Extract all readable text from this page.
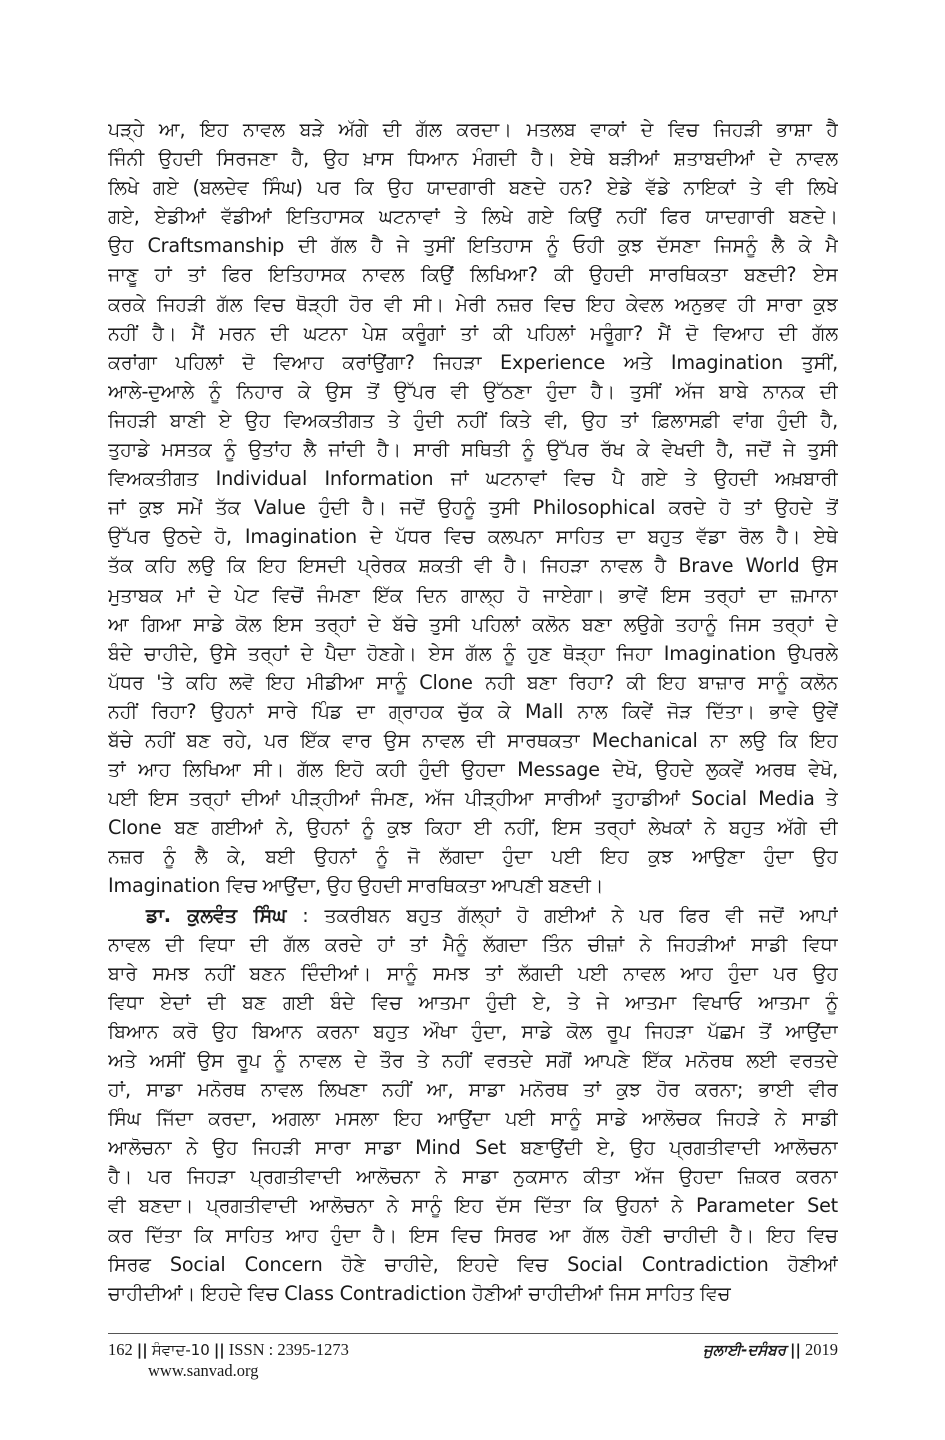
ਪੜ੍ਹੇ ਆ, ਇਹ ਨਾਵਲ ਬੜੇ ਅੱਗੇ ਦੀ ਗੱਲ ਕਰਦਾ। ਮਤਲਬ ਵਾਕਾਂ ਦੇ ਵਿਚ ਜਿਹੜੀ ਭਾਸ਼ਾ ਹੈ
ਜਿੰਨੀ ਉਹਦੀ ਸਿਰਜਣਾ ਹੈ, ਉਹ ਖ਼ਾਸ ਧਿਆਨ ਮੰਗਦੀ ਹੈ। ਏਥੇ ਬੜੀਆਂ ਸ਼ਤਾਬਦੀਆਂ ਦੇ ਨਾਵਲ
ਲਿਖੇ ਗਏ (ਬਲਦੇਵ ਸਿੰਘ) ਪਰ ਕਿ ਉਹ ਯਾਦਗਾਰੀ ਬਣਦੇ ਹਨ? ਏਡੇ ਵੱਡੇ ਨਾਇਕਾਂ ਤੇ ਵੀ ਲਿਖੇ
ਗਏ, ਏਡੀਆਂ ਵੱਡੀਆਂ ਇਤਿਹਾਸਕ ਘਟਨਾਵਾਂ ਤੇ ਲਿਖੇ ਗਏ ਕਿਉਂ ਨਹੀਂ ਫਿਰ ਯਾਦਗਾਰੀ ਬਣਦੇ।
ਉਹ Craftsmanship ਦੀ ਗੱਲ ਹੈ ਜੇ ਤੁਸੀਂ ਇਤਿਹਾਸ ਨੂੰ ਓਹੀ ਕੁਝ ਦੱਸਣਾ ਜਿਸਨੂੰ ਲੈ ਕੇ ਮੈ
ਜਾਣੂ ਹਾਂ ਤਾਂ ਫਿਰ ਇਤਿਹਾਸਕ ਨਾਵਲ ਕਿਉਂ ਲਿਖਿਆ? ਕੀ ਉਹਦੀ ਸਾਰਥਿਕਤਾ ਬਣਦੀ? ਏਸ
ਕਰਕੇ ਜਿਹੜੀ ਗੱਲ ਵਿਚ ਥੋੜ੍ਹੀ ਹੋਰ ਵੀ ਸੀ। ਮੇਰੀ ਨਜ਼ਰ ਵਿਚ ਇਹ ਕੇਵਲ ਅਨੁਭਵ ਹੀ ਸਾਰਾ ਕੁਝ
ਨਹੀਂ ਹੈ। ਮੈਂ ਮਰਨ ਦੀ ਘਟਨਾ ਪੇਸ਼ ਕਰੂੰਗਾਂ ਤਾਂ ਕੀ ਪਹਿਲਾਂ ਮਰੂੰਗਾ? ਮੈਂ ਦੋ ਵਿਆਹ ਦੀ ਗੱਲ
ਕਰਾਂਗਾ ਪਹਿਲਾਂ ਦੋ ਵਿਆਹ ਕਰਾਂਉਂਗਾ? ਜਿਹੜਾ Experience ਅਤੇ Imagination ਤੁਸੀਂ,
ਆਲੇ-ਦੁਆਲੇ ਨੂੰ ਨਿਹਾਰ ਕੇ ਉਸ ਤੋਂ ਉੱਪਰ ਵੀ ਉੱਠਣਾ ਹੁੰਦਾ ਹੈ। ਤੁਸੀਂ ਅੱਜ ਬਾਬੇ ਨਾਨਕ ਦੀ
ਜਿਹੜੀ ਬਾਣੀ ਏ ਉਹ ਵਿਅਕਤੀਗਤ ਤੇ ਹੁੰਦੀ ਨਹੀਂ ਕਿਤੇ ਵੀ, ਉਹ ਤਾਂ ਫ਼ਿਲਾਸਫ਼ੀ ਵਾਂਗ ਹੁੰਦੀ ਹੈ,
ਤੁਹਾਡੇ ਮਸਤਕ ਨੂੰ ਉਤਾਂਹ ਲੈ ਜਾਂਦੀ ਹੈ। ਸਾਰੀ ਸਥਿਤੀ ਨੂੰ ਉੱਪਰ ਰੱਖ ਕੇ ਵੇਖਦੀ ਹੈ, ਜਦੋਂ ਜੇ ਤੁਸੀ
ਵਿਅਕਤੀਗਤ Individual Information ਜਾਂ ਘਟਨਾਵਾਂ ਵਿਚ ਪੈ ਗਏ ਤੇ ਉਹਦੀ ਅਖ਼ਬਾਰੀ
ਜਾਂ ਕੁਝ ਸਮੇਂ ਤੱਕ Value ਹੁੰਦੀ ਹੈ। ਜਦੋਂ ਉਹਨੂੰ ਤੁਸੀ Philosophical ਕਰਦੇ ਹੋ ਤਾਂ ਉਹਦੇ ਤੋਂ
ਉੱਪਰ ਉਠਦੇ ਹੋ, Imagination ਦੇ ਪੱਧਰ ਵਿਚ ਕਲਪਨਾ ਸਾਹਿਤ ਦਾ ਬਹੁਤ ਵੱਡਾ ਰੋਲ ਹੈ। ਏਥੇ
ਤੱਕ ਕਹਿ ਲਉ ਕਿ ਇਹ ਇਸਦੀ ਪ੍ਰੇਰਕ ਸ਼ਕਤੀ ਵੀ ਹੈ। ਜਿਹੜਾ ਨਾਵਲ ਹੈ Brave World ਉਸ
ਮੁਤਾਬਕ ਮਾਂ ਦੇ ਪੇਟ ਵਿਚੋਂ ਜੰਮਣਾ ਇੱਕ ਦਿਨ ਗਾਲ੍ਹ ਹੋ ਜਾਏਗਾ। ਭਾਵੇਂ ਇਸ ਤਰ੍ਹਾਂ ਦਾ ਜ਼ਮਾਨਾ
ਆ ਗਿਆ ਸਾਡੇ ਕੋਲ ਇਸ ਤਰ੍ਹਾਂ ਦੇ ਬੱਚੇ ਤੁਸੀ ਪਹਿਲਾਂ ਕਲੋਨ ਬਣਾ ਲਉਗੇ ਤਹਾਨੂੰ ਜਿਸ ਤਰ੍ਹਾਂ ਦੇ
ਬੰਦੇ ਚਾਹੀਦੇ, ਉਸੇ ਤਰ੍ਹਾਂ ਦੇ ਪੈਦਾ ਹੋਣਗੇ। ਏਸ ਗੱਲ ਨੂੰ ਹੁਣ ਥੋੜ੍ਹਾ ਜਿਹਾ Imagination ਉਪਰਲੇ
ਪੱਧਰ 'ਤੇ ਕਹਿ ਲਵੋ ਇਹ ਮੀਡੀਆ ਸਾਨੂੰ Clone ਨਹੀ ਬਣਾ ਰਿਹਾ? ਕੀ ਇਹ ਬਾਜ਼ਾਰ ਸਾਨੂੰ ਕਲੋਨ
ਨਹੀਂ ਰਿਹਾ? ਉਹਨਾਂ ਸਾਰੇ ਪਿੰਡ ਦਾ ਗ੍ਰਾਹਕ ਚੁੱਕ ਕੇ Mall ਨਾਲ ਕਿਵੇਂ ਜੋੜ ਦਿੱਤਾ। ਭਾਵੇ ਉਵੇਂ
ਬੱਚੇ ਨਹੀਂ ਬਣ ਰਹੇ, ਪਰ ਇੱਕ ਵਾਰ ਉਸ ਨਾਵਲ ਦੀ ਸਾਰਥਕਤਾ Mechanical ਨਾ ਲਉ ਕਿ ਇਹ
ਤਾਂ ਆਹ ਲਿਖਿਆ ਸੀ। ਗੱਲ ਇਹੋ ਕਹੀ ਹੁੰਦੀ ਉਹਦਾ Message ਦੇਖੋ, ਉਹਦੇ ਲੁਕਵੇਂ ਅਰਥ ਵੇਖੋ,
ਪਈ ਇਸ ਤਰ੍ਹਾਂ ਦੀਆਂ ਪੀੜ੍ਹੀਆਂ ਜੰਮਣ, ਅੱਜ ਪੀੜ੍ਹੀਆ ਸਾਰੀਆਂ ਤੁਹਾਡੀਆਂ Social Media ਤੇ
Clone ਬਣ ਗਈਆਂ ਨੇ, ਉਹਨਾਂ ਨੂੰ ਕੁਝ ਕਿਹਾ ਈ ਨਹੀਂ, ਇਸ ਤਰ੍ਹਾਂ ਲੇਖਕਾਂ ਨੇ ਬਹੁਤ ਅੱਗੇ ਦੀ
ਨਜ਼ਰ ਨੂੰ ਲੈ ਕੇ, ਬਈ ਉਹਨਾਂ ਨੂੰ ਜੋ ਲੱਗਦਾ ਹੁੰਦਾ ਪਈ ਇਹ ਕੁਝ ਆਉਣਾ ਹੁੰਦਾ ਉਹ
Imagination ਵਿਚ ਆਉਂਦਾ, ਉਹ ਉਹਦੀ ਸਾਰਥਿਕਤਾ ਆਪਣੀ ਬਣਦੀ।
ਡਾ. ਕੁਲਵੰਤ ਸਿੰਘ : ਤਕਰੀਬਨ ਬਹੁਤ ਗੱਲ੍ਹਾਂ ਹੋ ਗਈਆਂ ਨੇ ਪਰ ਫਿਰ ਵੀ ਜਦੋਂ ਆਪਾਂ
ਨਾਵਲ ਦੀ ਵਿਧਾ ਦੀ ਗੱਲ ਕਰਦੇ ਹਾਂ ਤਾਂ ਮੈਨੂੰ ਲੱਗਦਾ ਤਿੰਨ ਚੀਜ਼ਾਂ ਨੇ ਜਿਹੜੀਆਂ ਸਾਡੀ ਵਿਧਾ
ਬਾਰੇ ਸਮਝ ਨਹੀਂ ਬਣਨ ਦਿੰਦੀਆਂ। ਸਾਨੂੰ ਸਮਝ ਤਾਂ ਲੱਗਦੀ ਪਈ ਨਾਵਲ ਆਹ ਹੁੰਦਾ ਪਰ ਉਹ
ਵਿਧਾ ਏਦਾਂ ਦੀ ਬਣ ਗਈ ਬੰਦੇ ਵਿਚ ਆਤਮਾ ਹੁੰਦੀ ਏ, ਤੇ ਜੇ ਆਤਮਾ ਵਿਖਾਓ ਆਤਮਾ ਨੂੰ
ਬਿਆਨ ਕਰੋ ਉਹ ਬਿਆਨ ਕਰਨਾ ਬਹੁਤ ਔਖਾ ਹੁੰਦਾ, ਸਾਡੇ ਕੋਲ ਰੂਪ ਜਿਹੜਾ ਪੱਛਮ ਤੋਂ ਆਉਂਦਾ
ਅਤੇ ਅਸੀਂ ਉਸ ਰੂਪ ਨੂੰ ਨਾਵਲ ਦੇ ਤੌਰ ਤੇ ਨਹੀਂ ਵਰਤਦੇ ਸਗੋਂ ਆਪਣੇ ਇੱਕ ਮਨੋਰਥ ਲਈ ਵਰਤਦੇ
ਹਾਂ, ਸਾਡਾ ਮਨੋਰਥ ਨਾਵਲ ਲਿਖਣਾ ਨਹੀਂ ਆ, ਸਾਡਾ ਮਨੋਰਥ ਤਾਂ ਕੁਝ ਹੋਰ ਕਰਨਾ; ਭਾਈ ਵੀਰ
ਸਿੰਘ ਜਿੱਦਾ ਕਰਦਾ, ਅਗਲਾ ਮਸਲਾ ਇਹ ਆਉਂਦਾ ਪਈ ਸਾਨੂੰ ਸਾਡੇ ਆਲੋਚਕ ਜਿਹੜੇ ਨੇ ਸਾਡੀ
ਆਲੋਚਨਾ ਨੇ ਉਹ ਜਿਹੜੀ ਸਾਰਾ ਸਾਡਾ Mind Set ਬਣਾਉਂਦੀ ਏ, ਉਹ ਪ੍ਰਗਤੀਵਾਦੀ ਆਲੋਚਨਾ
ਹੈ। ਪਰ ਜਿਹੜਾ ਪ੍ਰਗਤੀਵਾਦੀ ਆਲੋਚਨਾ ਨੇ ਸਾਡਾ ਨੁਕਸਾਨ ਕੀਤਾ ਅੱਜ ਉਹਦਾ ਜ਼ਿਕਰ ਕਰਨਾ
ਵੀ ਬਣਦਾ। ਪ੍ਰਗਤੀਵਾਦੀ ਆਲੋਚਨਾ ਨੇ ਸਾਨੂੰ ਇਹ ਦੱਸ ਦਿੱਤਾ ਕਿ ਉਹਨਾਂ ਨੇ Parameter Set
ਕਰ ਦਿੱਤਾ ਕਿ ਸਾਹਿਤ ਆਹ ਹੁੰਦਾ ਹੈ। ਇਸ ਵਿਚ ਸਿਰਫ ਆ ਗੱਲ ਹੋਣੀ ਚਾਹੀਦੀ ਹੈ। ਇਹ ਵਿਚ
ਸਿਰਫ Social Concern ਹੋਣੇ ਚਾਹੀਦੇ, ਇਹਦੇ ਵਿਚ Social Contradiction ਹੋਣੀਆਂ
ਚਾਹੀਦੀਆਂ। ਇਹਦੇ ਵਿਚ Class Contradiction ਹੋਣੀਆਂ ਚਾਹੀਦੀਆਂ ਜਿਸ ਸਾਹਿਤ ਵਿਚ
162 || ਸੰਵਾਦ-10 || ISSN : 2395-1273
www.sanvad.org
ਜੁਲਾਈ-ਦਸੰਬਰ || 2019
